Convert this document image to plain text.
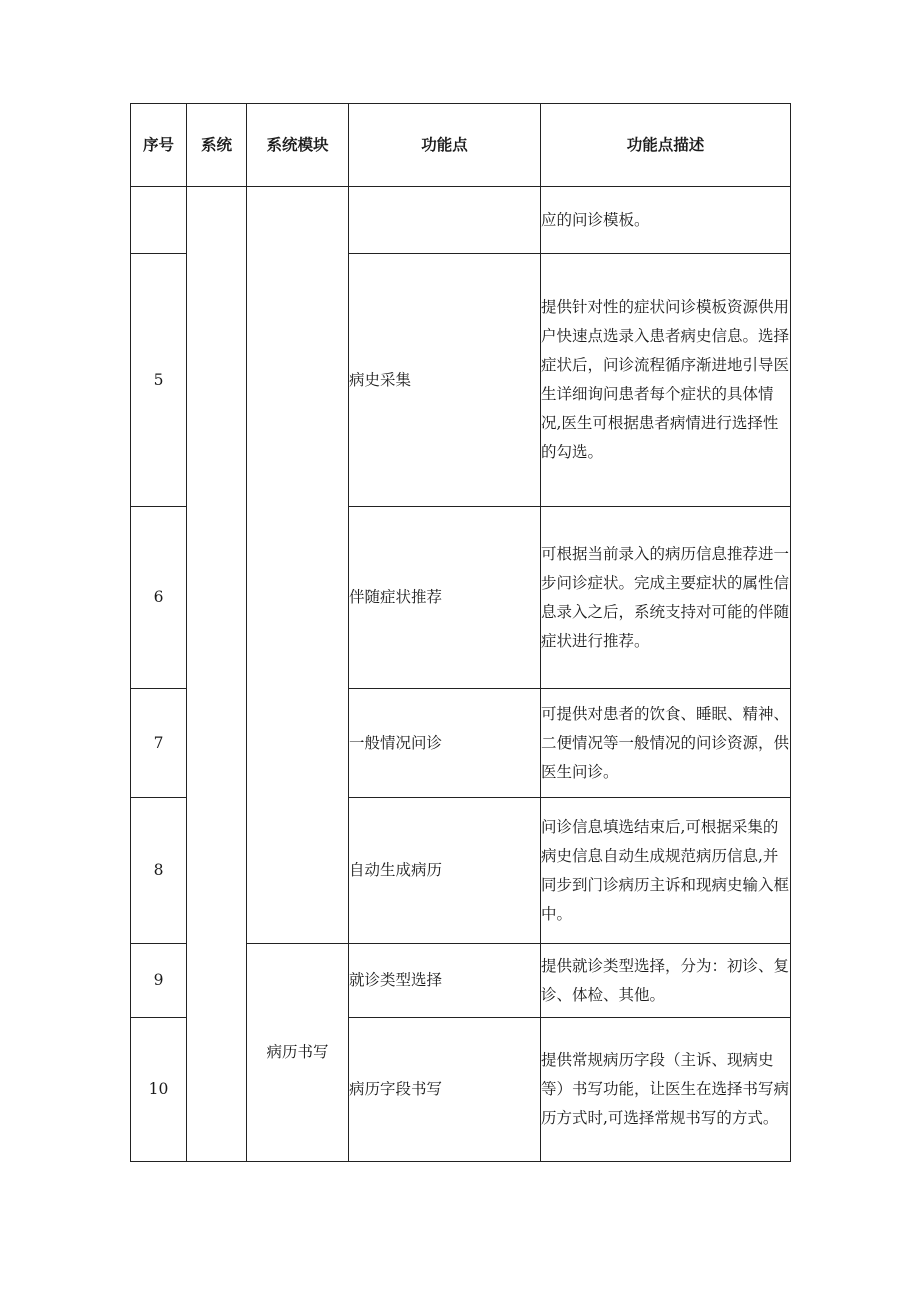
序号	系统	系统模块	功能点	功能点描述

				应的问诊模板。

5			病史采集	提供针对性的症状问诊模板资源供用户快速点选录入患者病史信息。选择症状后，问诊流程循序渐进地引导医生详细询问患者每个症状的具体情况,医生可根据患者病情进行选择性的勾选。

6			伴随症状推荐	可根据当前录入的病历信息推荐进一步问诊症状。完成主要症状的属性信息录入之后，系统支持对可能的伴随症状进行推荐。

7			一般情况问诊	可提供对患者的饮食、睡眠、精神、二便情况等一般情况的问诊资源，供医生问诊。

8			自动生成病历	问诊信息填选结束后,可根据采集的病史信息自动生成规范病历信息,并同步到门诊病历主诉和现病史输入框中。

9		病历书写	就诊类型选择	提供就诊类型选择，分为：初诊、复诊、体检、其他。

10			病历字段书写	提供常规病历字段（主诉、现病史等）书写功能，让医生在选择书写病历方式时,可选择常规书写的方式。
